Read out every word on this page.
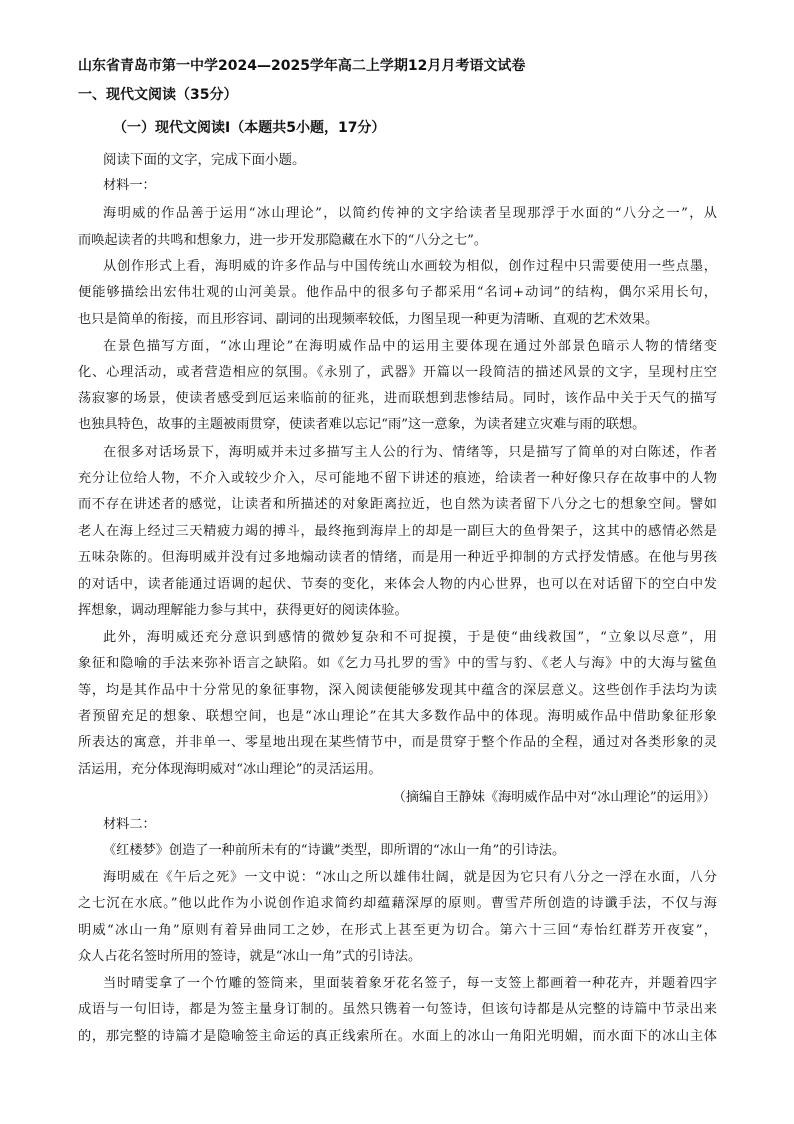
山东省青岛市第一中学2024—2025学年高二上学期12月月考语文试卷
一、现代文阅读（35分）
（一）现代文阅读Ⅰ（本题共5小题，17分）
阅读下面的文字，完成下面小题。
材料一：
海明威的作品善于运用“冰山理论”，以简约传神的文字给读者呈现那浮于水面的“八分之一”，从
而唤起读者的共鸣和想象力，进一步开发那隐藏在水下的“八分之七”。
从创作形式上看，海明威的许多作品与中国传统山水画较为相似，创作过程中只需要使用一些点墨，
便能够描绘出宏伟壮观的山河美景。他作品中的很多句子都采用“名词+动词”的结构，偶尔采用长句，
也只是简单的衔接，而且形容词、副词的出现频率较低，力图呈现一种更为清晰、直观的艺术效果。
在景色描写方面，“冰山理论”在海明威作品中的运用主要体现在通过外部景色暗示人物的情绪变
化、心理活动，或者营造相应的氛围。《永别了，武器》开篇以一段简洁的描述风景的文字，呈现村庄空
荡寂寥的场景，使读者感受到厄运来临前的征兆，进而联想到悲惨结局。同时，该作品中关于天气的描写
也独具特色，故事的主题被雨贯穿，使读者难以忘记“雨”这一意象，为读者建立灾难与雨的联想。
在很多对话场景下，海明威并未过多描写主人公的行为、情绪等，只是描写了简单的对白陈述，作者
充分让位给人物，不介入或较少介入，尽可能地不留下讲述的痕迹，给读者一种好像只存在故事中的人物
而不存在讲述者的感觉，让读者和所描述的对象距离拉近，也自然为读者留下八分之七的想象空间。譬如
老人在海上经过三天精疲力竭的搏斗，最终拖到海岸上的却是一副巨大的鱼骨架子，这其中的感情必然是
五味杂陈的。但海明威并没有过多地煽动读者的情绪，而是用一种近乎抑制的方式抒发情感。在他与男孩
的对话中，读者能通过语调的起伏、节奏的变化，来体会人物的内心世界，也可以在对话留下的空白中发
挥想象，调动理解能力参与其中，获得更好的阅读体验。
此外，海明威还充分意识到感情的微妙复杂和不可捉摸，于是使“曲线救国”，“立象以尽意”，用
象征和隐喻的手法来弥补语言之缺陷。如《乞力马扎罗的雪》中的雪与豹、《老人与海》中的大海与鲨鱼
等，均是其作品中十分常见的象征事物，深入阅读便能够发现其中蕴含的深层意义。这些创作手法均为读
者预留充足的想象、联想空间，也是“冰山理论”在其大多数作品中的体现。海明威作品中借助象征形象
所表达的寓意，并非单一、零星地出现在某些情节中，而是贯穿于整个作品的全程，通过对各类形象的灵
活运用，充分体现海明威对“冰山理论”的灵活运用。
（摘编自王静妹《海明威作品中对“冰山理论”的运用》）
材料二：
《红楼梦》创造了一种前所未有的“诗谶”类型，即所谓的“冰山一角”的引诗法。
海明威在《午后之死》一文中说：“冰山之所以雄伟壮阔，就是因为它只有八分之一浮在水面，八分
之七沉在水底。”他以此作为小说创作追求简约却蕴藉深厚的原则。曹雪芹所创造的诗谶手法，不仅与海
明威“冰山一角”原则有着异曲同工之妙，在形式上甚至更为切合。第六十三回“寿怡红群芳开夜宴”，
众人占花名签时所用的签诗，就是“冰山一角”式的引诗法。
当时晴雯拿了一个竹雕的签筒来，里面装着象牙花名签子，每一支签上都画着一种花卉，并题着四字
成语与一句旧诗，都是为签主量身订制的。虽然只镌着一句签诗，但该句诗都是从完整的诗篇中节录出来
的，那完整的诗篇才是隐喻签主命运的真正线索所在。水面上的冰山一角阳光明媚，而水面下的冰山主体
